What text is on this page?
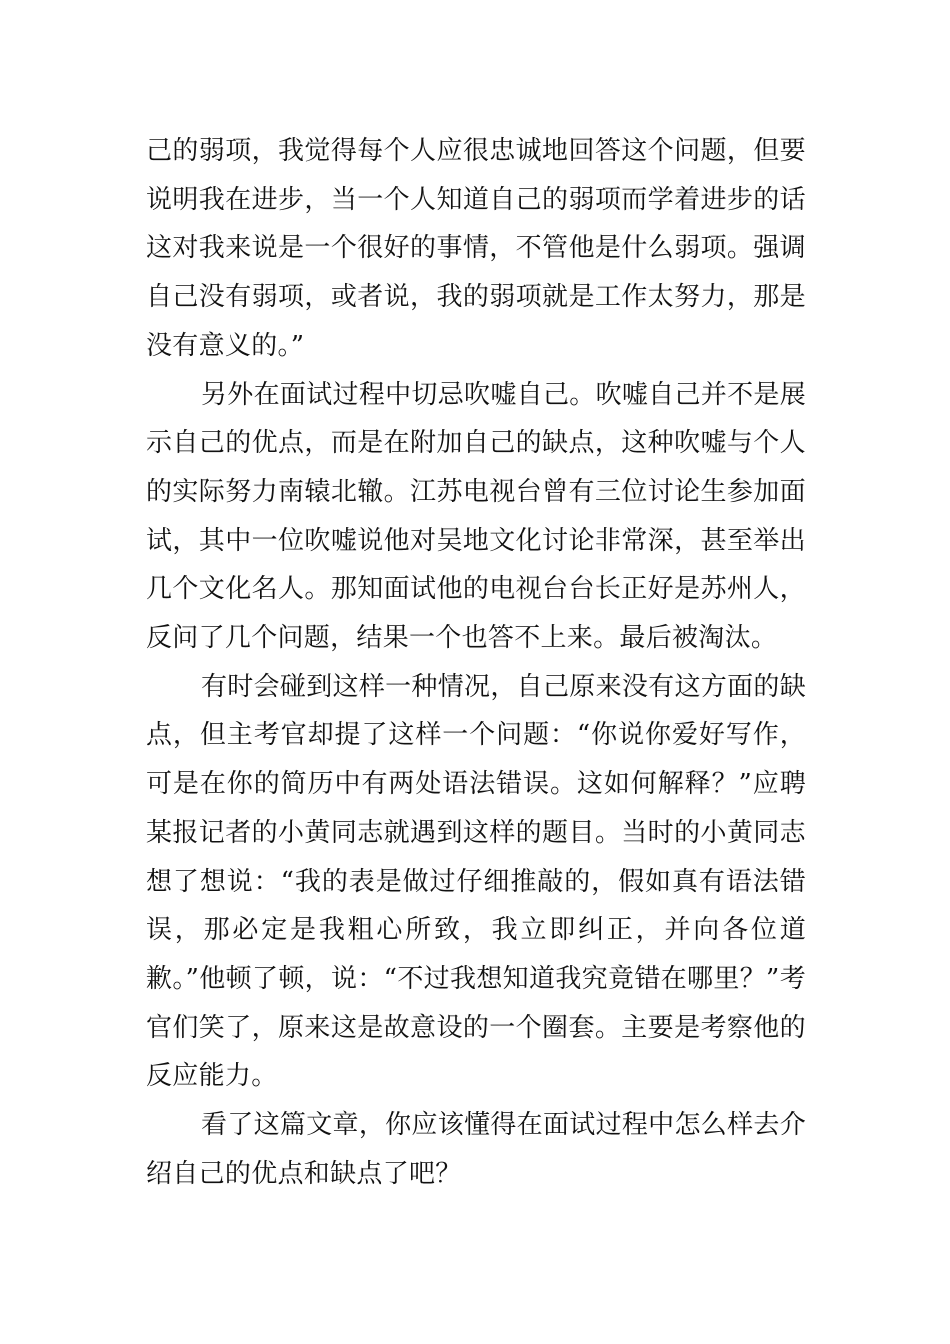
己的弱项，我觉得每个人应很忠诚地回答这个问题，但要说明我在进步，当一个人知道自己的弱项而学着进步的话这对我来说是一个很好的事情，不管他是什么弱项。强调自己没有弱项，或者说，我的弱项就是工作太努力，那是没有意义的。”

另外在面试过程中切忌吹嘘自己。吹嘘自己并不是展示自己的优点，而是在附加自己的缺点，这种吹嘘与个人的实际努力南辕北辙。江苏电视台曾有三位讨论生参加面试，其中一位吹嘘说他对吴地文化讨论非常深，甚至举出几个文化名人。那知面试他的电视台台长正好是苏州人，反问了几个问题，结果一个也答不上来。最后被淘汰。

有时会碰到这样一种情况，自己原来没有这方面的缺点，但主考官却提了这样一个问题：“你说你爱好写作，可是在你的简历中有两处语法错误。这如何解释？”应聘某报记者的小黄同志就遇到这样的题目。当时的小黄同志想了想说：“我的表是做过仔细推敲的，假如真有语法错误，那必定是我粗心所致，我立即纠正，并向各位道歉。”他顿了顿，说：“不过我想知道我究竟错在哪里？”考官们笑了，原来这是故意设的一个圈套。主要是考察他的反应能力。

看了这篇文章，你应该懂得在面试过程中怎么样去介绍自己的优点和缺点了吧？
